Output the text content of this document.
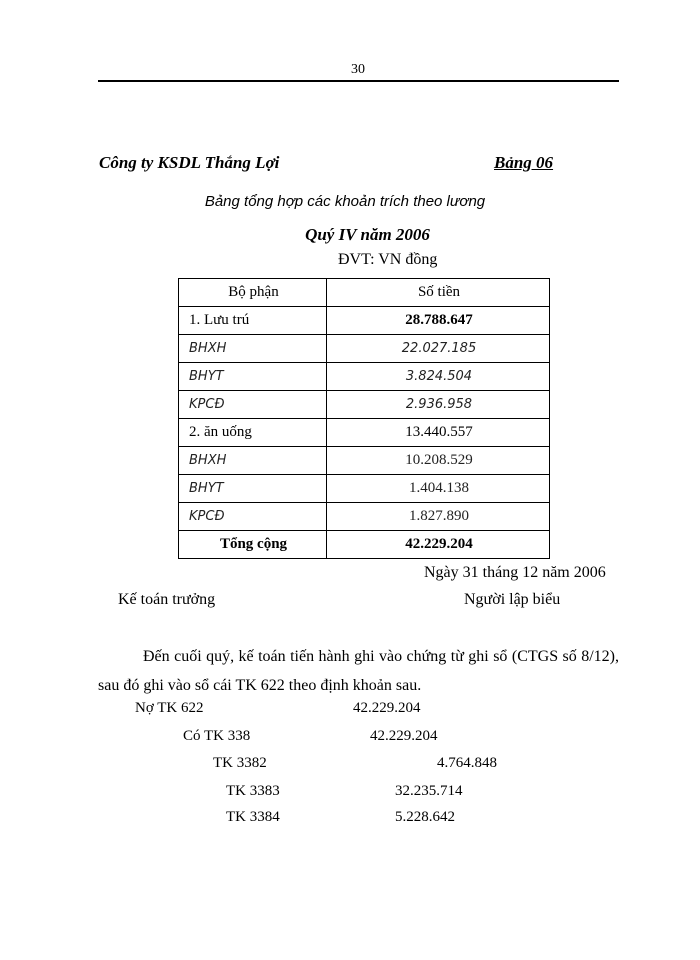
30
Công ty KSDL Thắng Lợi	Bảng 06
Bảng tổng hợp các khoản trích theo lương
Quý IV năm 2006
ĐVT: VN đồng
Bộ phận	Số tiền
1. Lưu trú	28.788.647
BHXH	22.027.185
BHYT	3.824.504
KPCĐ	2.936.958
2. ăn uống	13.440.557
BHXH	10.208.529
BHYT	1.404.138
KPCĐ	1.827.890
Tổng cộng	42.229.204
Ngày 31 tháng 12 năm 2006
Kế toán trưởng	Người lập biểu
Đến cuối quý, kế toán tiến hành ghi vào chứng từ ghi sổ (CTGS số 8/12), sau đó ghi vào sổ cái TK 622 theo định khoản sau.
Nợ TK 622	42.229.204
Có TK 338	42.229.204
TK 3382	4.764.848
TK 3383	32.235.714
TK 3384	5.228.642
